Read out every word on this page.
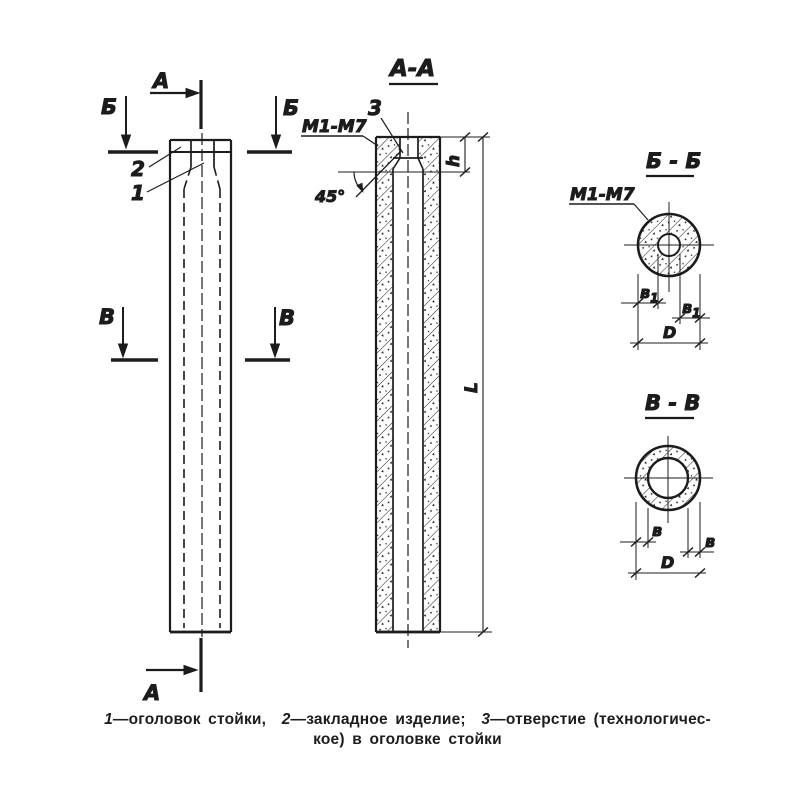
А
А
Б	Б
В	В
2
1
А-А
3
М1-М7
45°
h
L
Б - Б
М1-М7
$в_1$ $в_1$
D
В - В
в
в
D
1—оголовок стойки, 2—закладное изделие; 3—отверстие (технологичес-
кое) в оголовке стойки
